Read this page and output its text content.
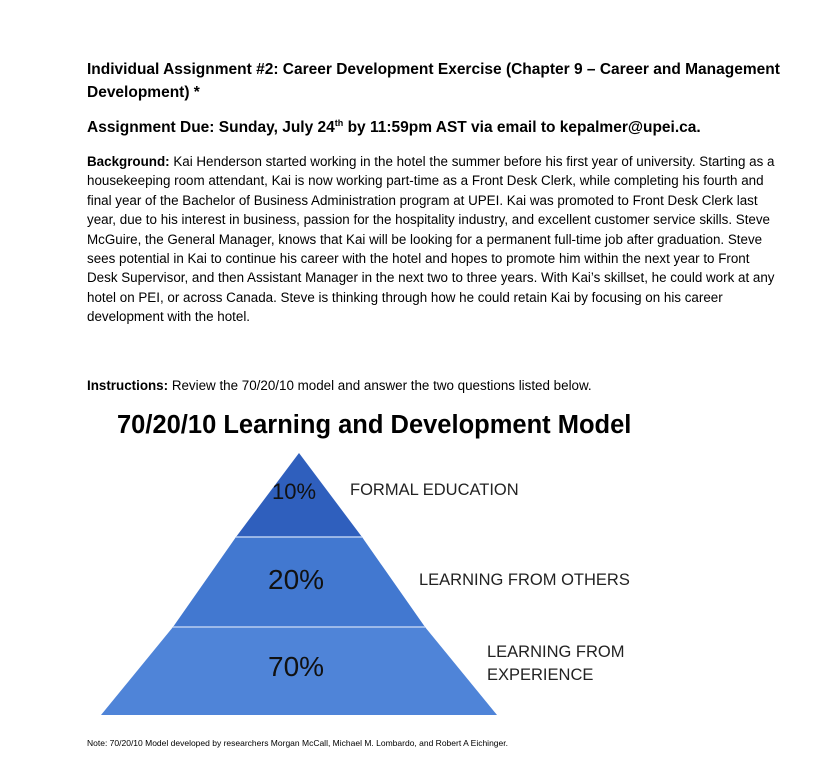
Individual Assignment #2: Career Development Exercise (Chapter 9 – Career and Management Development) *
Assignment Due: Sunday, July 24th by 11:59pm AST via email to kepalmer@upei.ca.
Background: Kai Henderson started working in the hotel the summer before his first year of university. Starting as a housekeeping room attendant, Kai is now working part-time as a Front Desk Clerk, while completing his fourth and final year of the Bachelor of Business Administration program at UPEI. Kai was promoted to Front Desk Clerk last year, due to his interest in business, passion for the hospitality industry, and excellent customer service skills. Steve McGuire, the General Manager, knows that Kai will be looking for a permanent full-time job after graduation. Steve sees potential in Kai to continue his career with the hotel and hopes to promote him within the next year to Front Desk Supervisor, and then Assistant Manager in the next two to three years. With Kai’s skillset, he could work at any hotel on PEI, or across Canada. Steve is thinking through how he could retain Kai by focusing on his career development with the hotel.
Instructions: Review the 70/20/10 model and answer the two questions listed below.
70/20/10 Learning and Development Model
10%
20%
70%
FORMAL EDUCATION
LEARNING FROM OTHERS
LEARNING FROM
EXPERIENCE
Note: 70/20/10 Model developed by researchers Morgan McCall, Michael M. Lombardo, and Robert A Eichinger.
